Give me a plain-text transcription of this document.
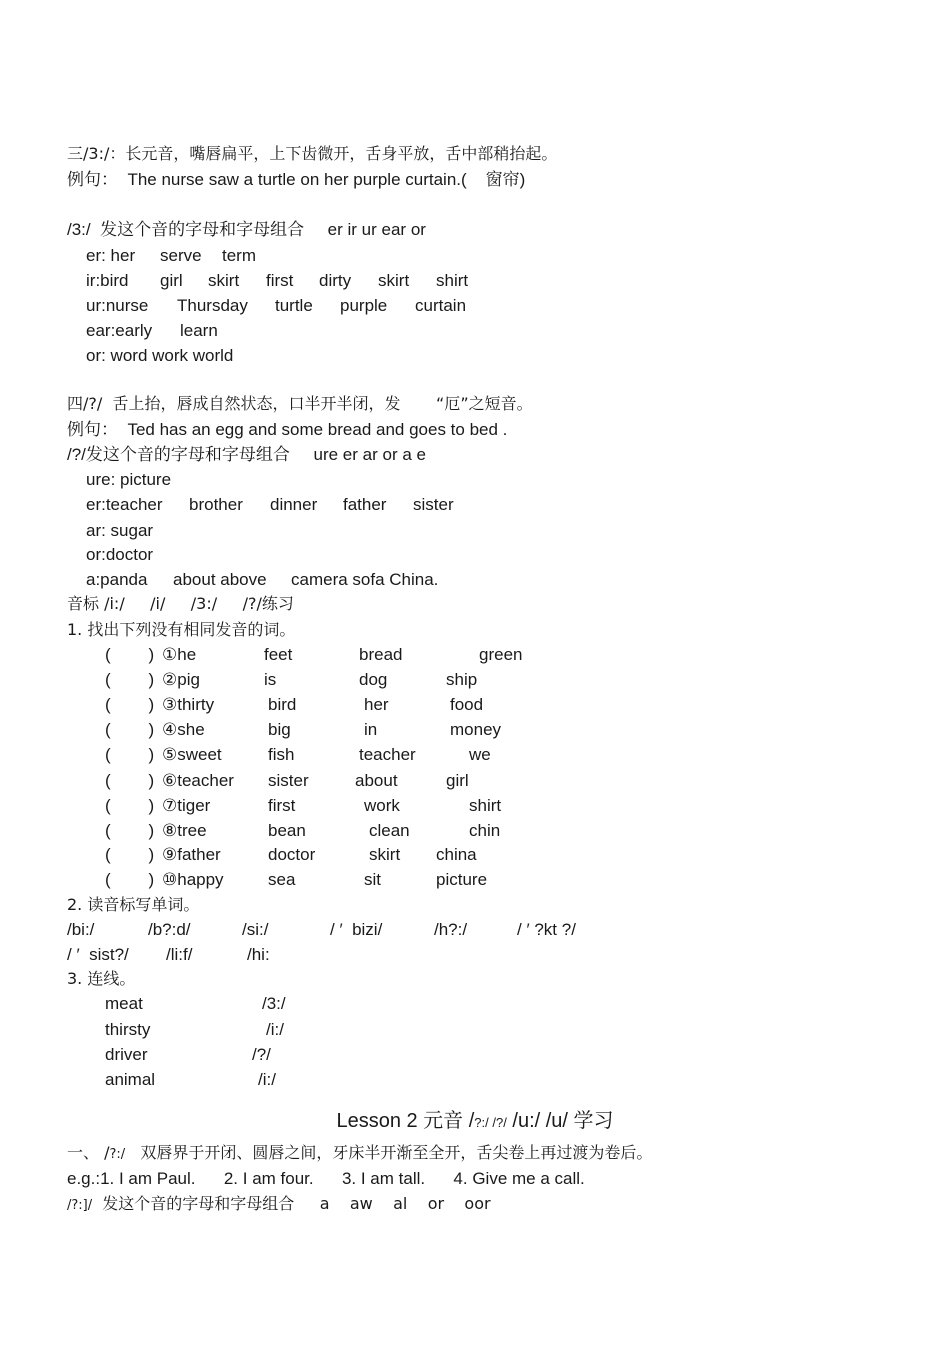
三/3:/：长元音，嘴唇扁平，上下齿微开，舌身平放，舌中部稍抬起。
例句：  The nurse saw a turtle on her purple curtain.(    窗帘)
/3:/  发这个音的字母和字母组合     er ir ur ear or
er: her serve term
ir:bird girl skirt first dirty skirt shirt
ur:nurse Thursday turtle purple curtain
ear:early learn
or: word work world
四/?/  舌上抬，唇成自然状态，口半开半闭，发       “厄”之短音。
例句：  Ted has an egg and some bread and goes to bed .
/?/发这个音的字母和字母组合     ure er ar or a e
ure: picture
er:teacher brother dinner father sister
ar: sugar
or:doctor
a:panda about above camera sofa China.
音标 /i:/     /i/     /3:/     /?/练习
1. 找出下列没有相同发音的词。
(        ) ①he	feet	bread	green
(        ) ②pig	is	dog	ship
(        ) ③thirty	bird	her	food
(        ) ④she	big	in	money
(        ) ⑤sweet	fish	teacher	we
(        ) ⑥teacher sister	about	girl
(        ) ⑦tiger	first	work	shirt
(        ) ⑧tree	bean	clean	chin
(        ) ⑨father	doctor	skirt china
(        ) ⑩happy	sea	sit	picture
2. 读音标写单词。
/bi:/	/b?:d/	/si:/	/ ′  bizi/	/h?:/	/ ′ ?kt ?/
/ ′  sist?/ /li:f/	/hi:
3. 连线。
meat	/3:/
thirsty	/i:/
driver	/?/
animal	/i:/
Lesson 2 元音 /?:/ /?/ /u:/ /u/ 学习
一、 /?:/   双唇界于开闭、圆唇之间，牙床半开渐至全开，舌尖卷上再过渡为卷后。
e.g.:1. I am Paul.      2. I am four.      3. I am tall.      4. Give me a call.
/?:]/  发这个音的字母和字母组合     a    aw    al    or    oor
